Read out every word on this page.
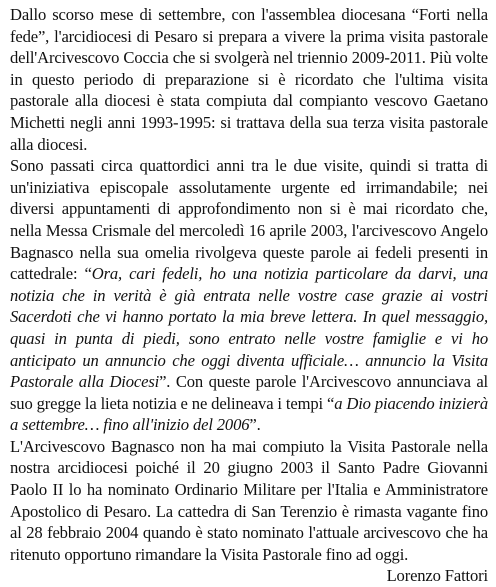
Dallo scorso mese di settembre, con l'assemblea diocesana “Forti nella fede”, l'arcidiocesi di Pesaro si prepara a vivere la prima visita pastorale dell'Arcivescovo Coccia che si svolgerà nel triennio 2009-2011. Più volte in questo periodo di preparazione si è ricordato che l'ultima visita pastorale alla diocesi è stata compiuta dal compianto vescovo Gaetano Michetti negli anni 1993-1995: si trattava della sua terza visita pastorale alla diocesi.

Sono passati circa quattordici anni tra le due visite, quindi si tratta di un'iniziativa episcopale assolutamente urgente ed irrimandabile; nei diversi appuntamenti di approfondimento non si è mai ricordato che, nella Messa Crismale del mercoledì 16 aprile 2003, l'arcivescovo Angelo Bagnasco nella sua omelia rivolgeva queste parole ai fedeli presenti in cattedrale: “Ora, cari fedeli, ho una notizia particolare da darvi, una notizia che in verità è già entrata nelle vostre case grazie ai vostri Sacerdoti che vi hanno portato la mia breve lettera. In quel messaggio, quasi in punta di piedi, sono entrato nelle vostre famiglie e vi ho anticipato un annuncio che oggi diventa ufficiale… annuncio la Visita Pastorale alla Diocesi”. Con queste parole l'Arcivescovo annunciava al suo gregge la lieta notizia e ne delineava i tempi “a Dio piacendo inizierà a settembre… fino all'inizio del 2006”.

L'Arcivescovo Bagnasco non ha mai compiuto la Visita Pastorale nella nostra arcidiocesi poiché il 20 giugno 2003 il Santo Padre Giovanni Paolo II lo ha nominato Ordinario Militare per l'Italia e Amministratore Apostolico di Pesaro. La cattedra di San Terenzio è rimasta vagante fino al 28 febbraio 2004 quando è stato nominato l'attuale arcivescovo che ha ritenuto opportuno rimandare la Visita Pastorale fino ad oggi.

Lorenzo Fattori
